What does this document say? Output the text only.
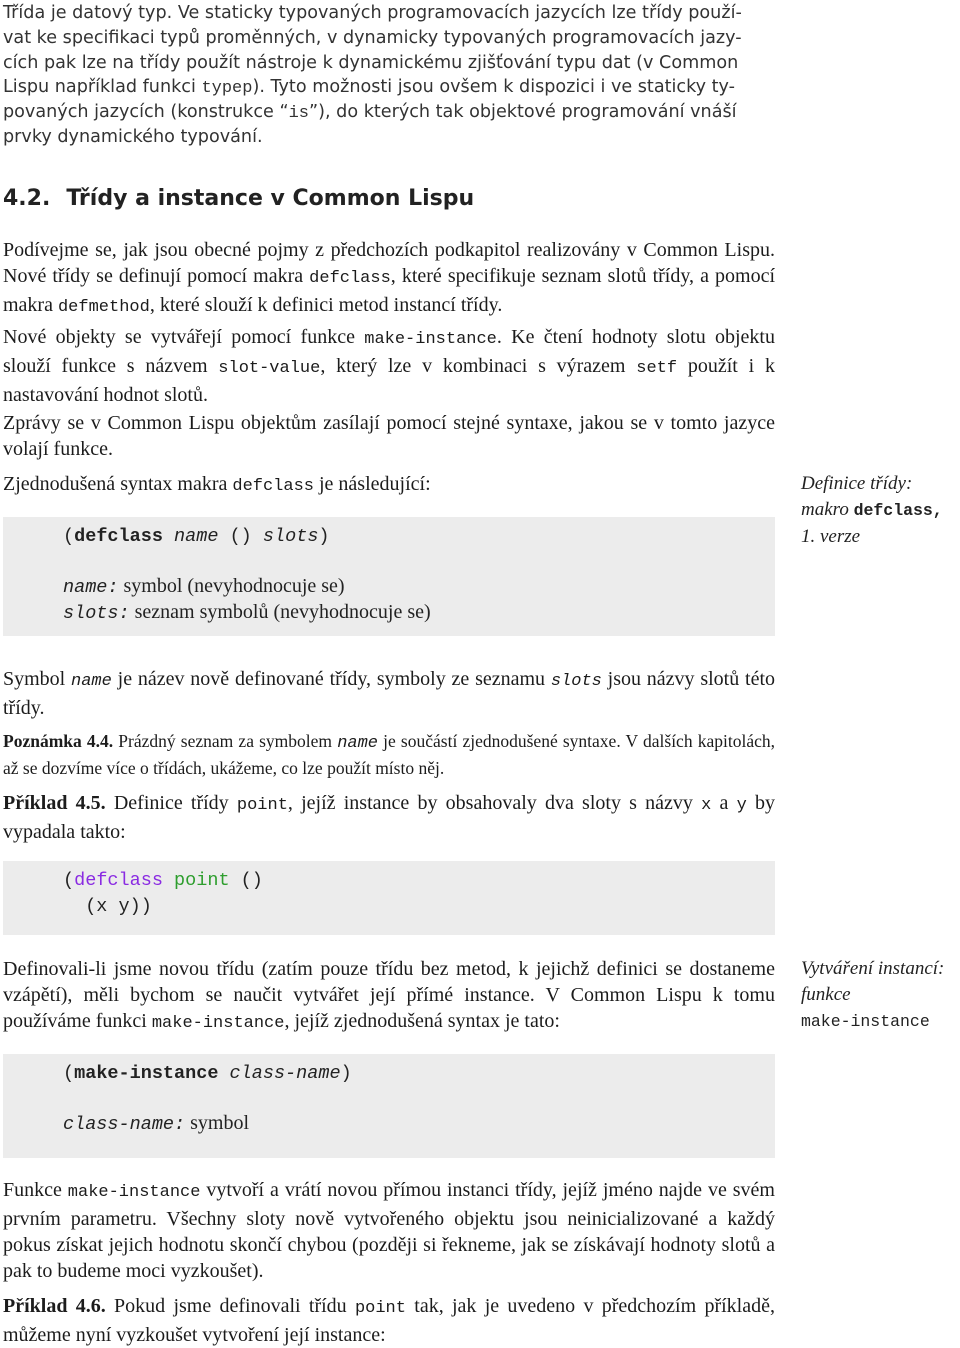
Třída je datový typ. Ve staticky typovaných programovacích jazycích lze třídy použí-
vat ke specifikaci typů proměnných, v dynamicky typovaných programovacích jazy-
cích pak lze na třídy použít nástroje k dynamickému zjišťování typu dat (v Common
Lispu například funkci typep). Tyto možnosti jsou ovšem k dispozici i ve staticky ty-
povaných jazycích (konstrukce “is”), do kterých tak objektové programování vnáší
prvky dynamického typování.
4.2. Třídy a instance v Common Lispu
Podívejme se, jak jsou obecné pojmy z předchozích podkapitol realizovány v Common Lispu. Nové třídy se definují pomocí makra defclass, které specifikuje seznam slotů třídy, a pomocí makra defmethod, které slouží k definici metod instancí třídy.
Nové objekty se vytvářejí pomocí funkce make-instance. Ke čtení hodnoty slotu objektu slouží funkce s názvem slot-value, který lze v kombinaci s výrazem setf použít i k nastavování hodnot slotů.
Zprávy se v Common Lispu objektům zasílají pomocí stejné syntaxe, jakou se v tomto jazyce volají funkce.
Zjednodušená syntax makra defclass je následující:	Definice třídy:
makro defclass,
1. verze
(defclass name () slots)
name: symbol (nevyhodnocuje se)
slots: seznam symbolů (nevyhodnocuje se)
Symbol name je název nově definované třídy, symboly ze seznamu slots jsou názvy slotů této třídy.
Poznámka 4.4. Prázdný seznam za symbolem name je součástí zjednodušené syntaxe. V dalších kapitolách, až se dozvíme více o třídách, ukážeme, co lze použít místo něj.
Příklad 4.5. Definice třídy point, jejíž instance by obsahovaly dva sloty s názvy x a y by vypadala takto:
(defclass point ()
(x y))
Definovali-li jsme novou třídu (zatím pouze třídu bez metod, k jejichž definici se dostaneme vzápětí), měli bychom se naučit vytvářet její přímé instance. V Common Lispu k tomu používáme funkci make-instance, jejíž zjednodušená syntax je tato:
Vytváření instancí:
funkce
make-instance
(make-instance class-name)
class-name: symbol
Funkce make-instance vytvoří a vrátí novou přímou instanci třídy, jejíž jméno najde ve svém prvním parametru. Všechny sloty nově vytvořeného objektu jsou neinicializované a každý pokus získat jejich hodnotu skončí chybou (později si řekneme, jak se získávají hodnoty slotů a pak to budeme moci vyzkoušet).
Příklad 4.6. Pokud jsme definovali třídu point tak, jak je uvedeno v předchozím příkladě, můžeme nyní vyzkoušet vytvoření její instance:
